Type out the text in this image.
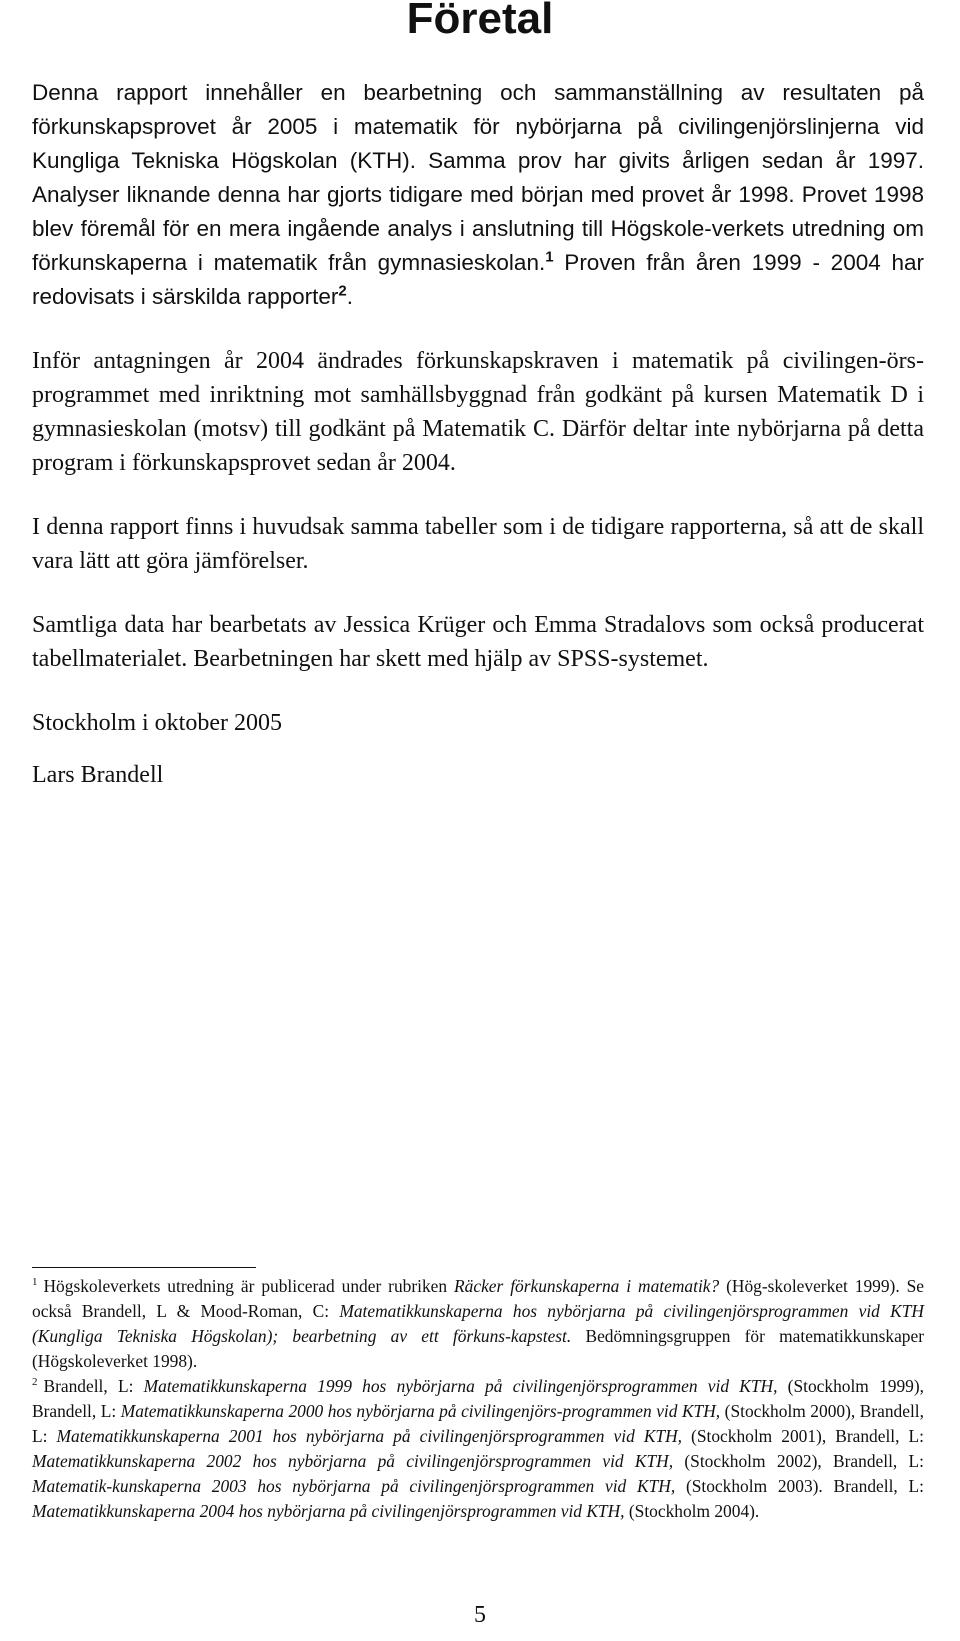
Företal

Denna rapport innehåller en bearbetning och sammanställning av resultaten på förkunskapsprovet år 2005 i matematik för nybörjarna på civilingenjörslinjerna vid Kungliga Tekniska Högskolan (KTH). Samma prov har givits årligen sedan år 1997. Analyser liknande denna har gjorts tidigare med början med provet år 1998. Provet 1998 blev föremål för en mera ingående analys i anslutning till Högskole-verkets utredning om förkunskaperna i matematik från gymnasieskolan.$^1$ Proven från åren 1999 - 2004 har redovisats i särskilda rapporter$^2$.

Inför antagningen år 2004 ändrades förkunskapskraven i matematik på civilingen-örs-programmet med inriktning mot samhällsbyggnad från godkänt på kursen Matematik D i gymnasieskolan (motsv) till godkänt på Matematik C. Därför deltar inte nybörjarna på detta program i förkunskapsprovet sedan år 2004.

I denna rapport finns i huvudsak samma tabeller som i de tidigare rapporterna, så att de skall vara lätt att göra jämförelser.

Samtliga data har bearbetats av Jessica Krüger och Emma Stradalovs som också producerat tabellmaterialet. Bearbetningen har skett med hjälp av SPSS-systemet.

Stockholm i oktober 2005

Lars Brandell

$^1$ Högskoleverkets utredning är publicerad under rubriken Räcker förkunskaperna i matematik? (Hög-skoleverket 1999). Se också Brandell, L & Mood-Roman, C: Matematikkunskaperna hos nybörjarna på civilingenjörsprogrammen vid KTH (Kungliga Tekniska Högskolan); bearbetning av ett förkuns-kapstest. Bedömningsgruppen för matematikkunskaper (Högskoleverket 1998).

$^2$ Brandell, L: Matematikkunskaperna 1999 hos nybörjarna på civilingenjörsprogrammen vid KTH, (Stockholm 1999), Brandell, L: Matematikkunskaperna 2000 hos nybörjarna på civilingenjörs-programmen vid KTH, (Stockholm 2000), Brandell, L: Matematikkunskaperna 2001 hos nybörjarna på civilingenjörsprogrammen vid KTH, (Stockholm 2001), Brandell, L: Matematikkunskaperna 2002 hos nybörjarna på civilingenjörsprogrammen vid KTH, (Stockholm 2002), Brandell, L: Matematik-kunskaperna 2003 hos nybörjarna på civilingenjörsprogrammen vid KTH, (Stockholm 2003). Brandell, L: Matematikkunskaperna 2004 hos nybörjarna på civilingenjörsprogrammen vid KTH, (Stockholm 2004).

5
